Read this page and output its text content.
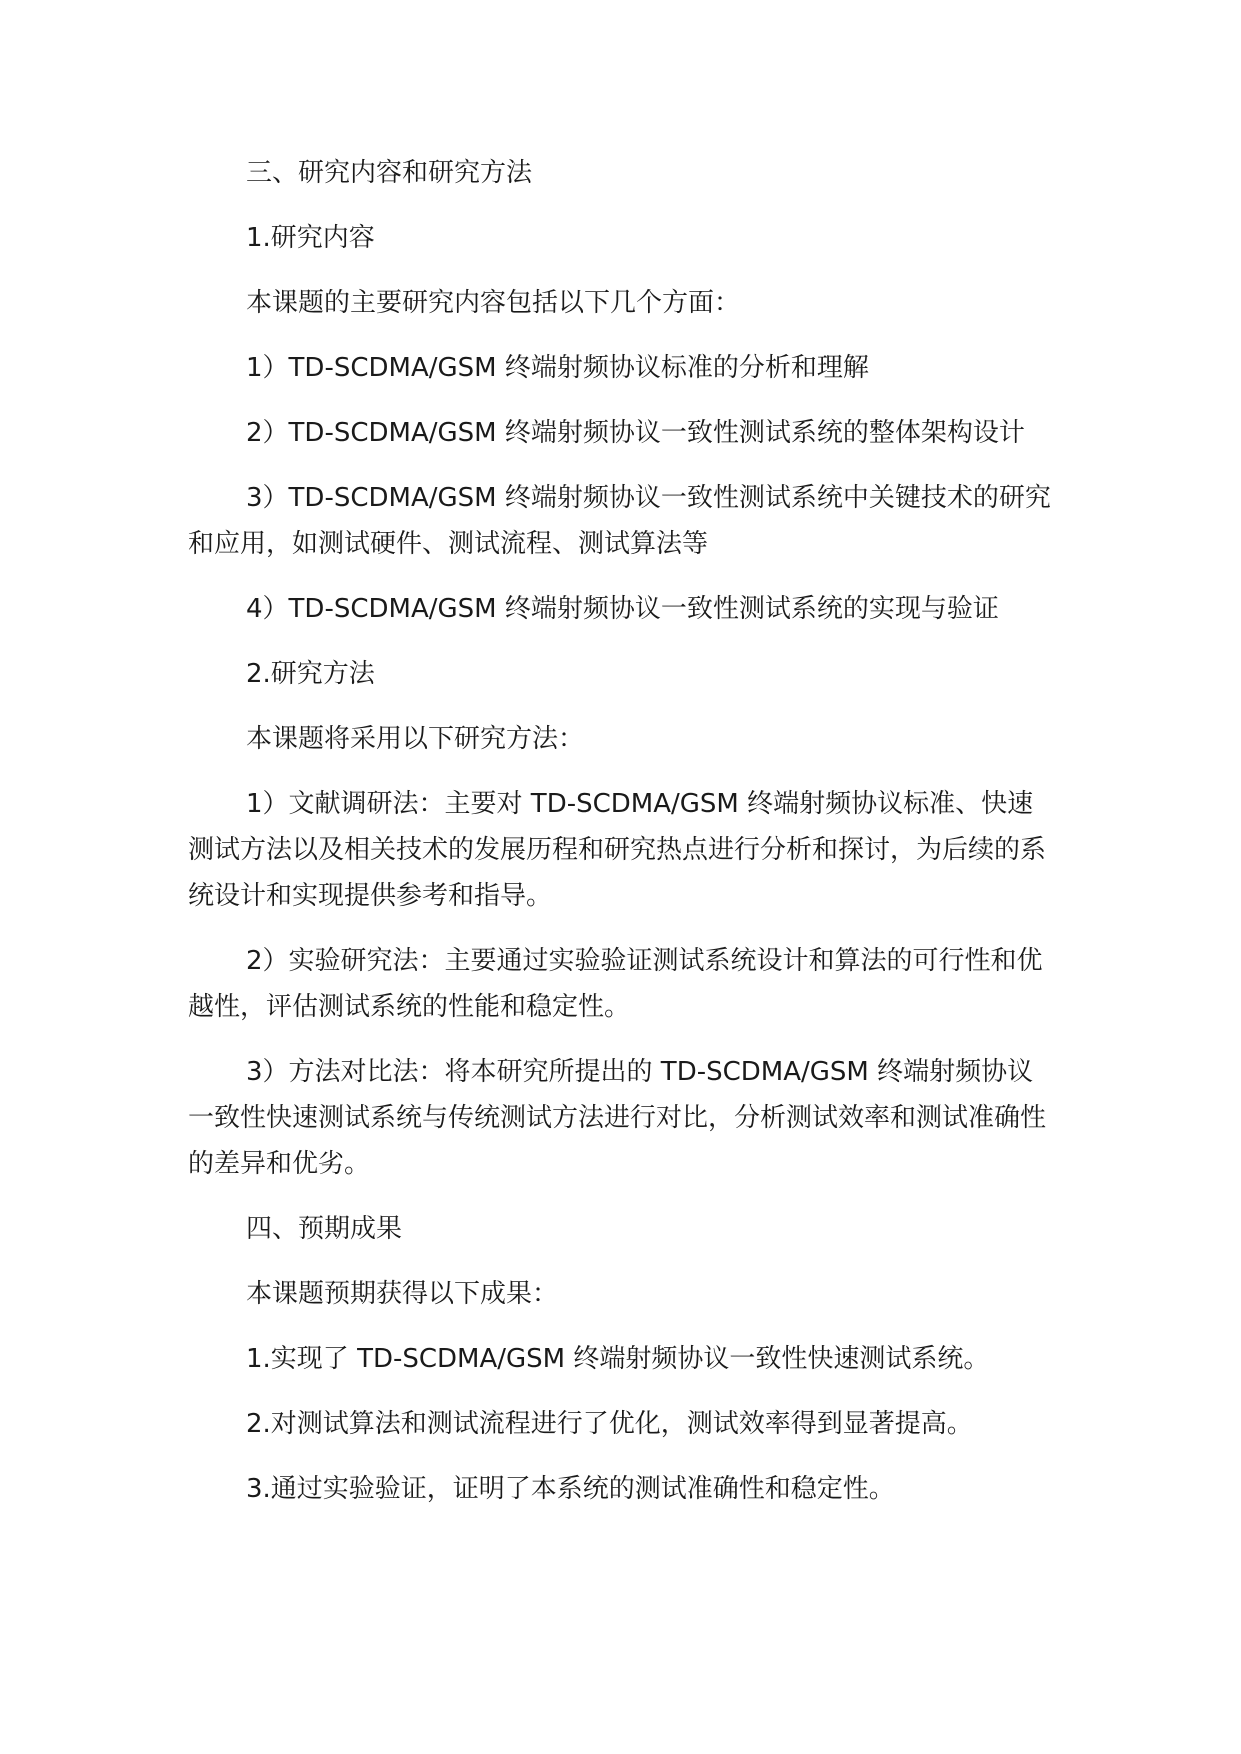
三、研究内容和研究方法

1.研究内容

本课题的主要研究内容包括以下几个方面：

1）TD-SCDMA/GSM 终端射频协议标准的分析和理解

2）TD-SCDMA/GSM 终端射频协议一致性测试系统的整体架构设计

3）TD-SCDMA/GSM 终端射频协议一致性测试系统中关键技术的研究和应用，如测试硬件、测试流程、测试算法等

4）TD-SCDMA/GSM 终端射频协议一致性测试系统的实现与验证

2.研究方法

本课题将采用以下研究方法：

1）文献调研法：主要对 TD-SCDMA/GSM 终端射频协议标准、快速测试方法以及相关技术的发展历程和研究热点进行分析和探讨，为后续的系统设计和实现提供参考和指导。

2）实验研究法：主要通过实验验证测试系统设计和算法的可行性和优越性，评估测试系统的性能和稳定性。

3）方法对比法：将本研究所提出的 TD-SCDMA/GSM 终端射频协议一致性快速测试系统与传统测试方法进行对比，分析测试效率和测试准确性的差异和优劣。

四、预期成果

本课题预期获得以下成果：

1.实现了 TD-SCDMA/GSM 终端射频协议一致性快速测试系统。

2.对测试算法和测试流程进行了优化，测试效率得到显著提高。

3.通过实验验证，证明了本系统的测试准确性和稳定性。
